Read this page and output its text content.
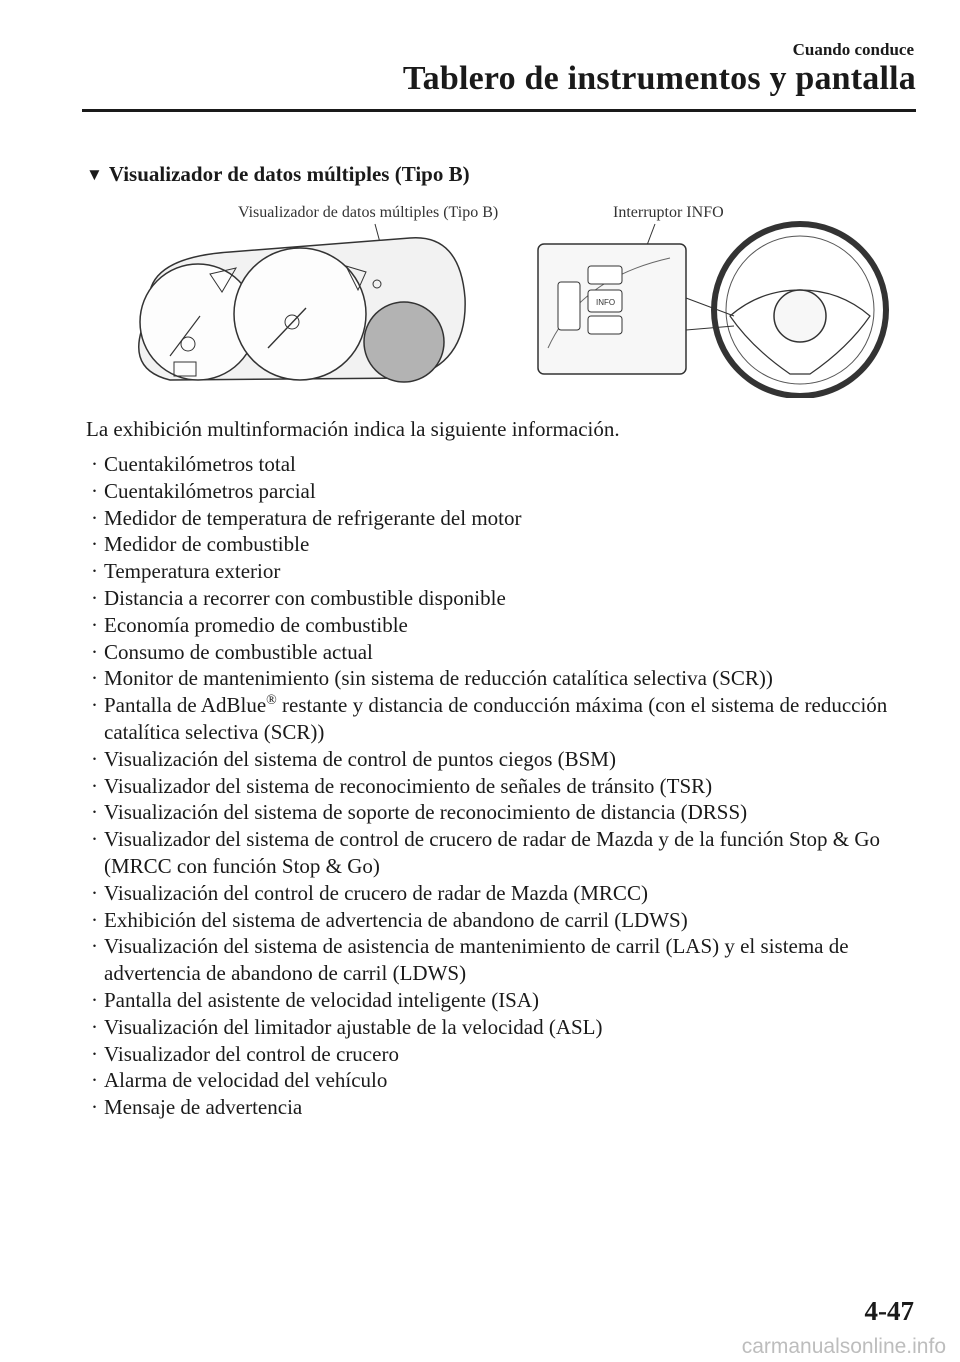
Cuando conduce
Tablero de instrumentos y pantalla
▼ Visualizador de datos múltiples (Tipo B)
Visualizador de datos múltiples (Tipo B)	Interruptor INFO
INFO
La exhibición multinformación indica la siguiente información.
· Cuentakilómetros total
· Cuentakilómetros parcial
· Medidor de temperatura de refrigerante del motor
· Medidor de combustible
· Temperatura exterior
· Distancia a recorrer con combustible disponible
· Economía promedio de combustible
· Consumo de combustible actual
· Monitor de mantenimiento (sin sistema de reducción catalítica selectiva (SCR))
· Pantalla de AdBlue® restante y distancia de conducción máxima (con el sistema de reducción catalítica selectiva (SCR))
· Visualización del sistema de control de puntos ciegos (BSM)
· Visualizador del sistema de reconocimiento de señales de tránsito (TSR)
· Visualización del sistema de soporte de reconocimiento de distancia (DRSS)
· Visualizador del sistema de control de crucero de radar de Mazda y de la función Stop & Go (MRCC con función Stop & Go)
· Visualización del control de crucero de radar de Mazda (MRCC)
· Exhibición del sistema de advertencia de abandono de carril (LDWS)
· Visualización del sistema de asistencia de mantenimiento de carril (LAS) y el sistema de advertencia de abandono de carril (LDWS)
· Pantalla del asistente de velocidad inteligente (ISA)
· Visualización del limitador ajustable de la velocidad (ASL)
· Visualizador del control de crucero
· Alarma de velocidad del vehículo
· Mensaje de advertencia
4-47
carmanualsonline.info
